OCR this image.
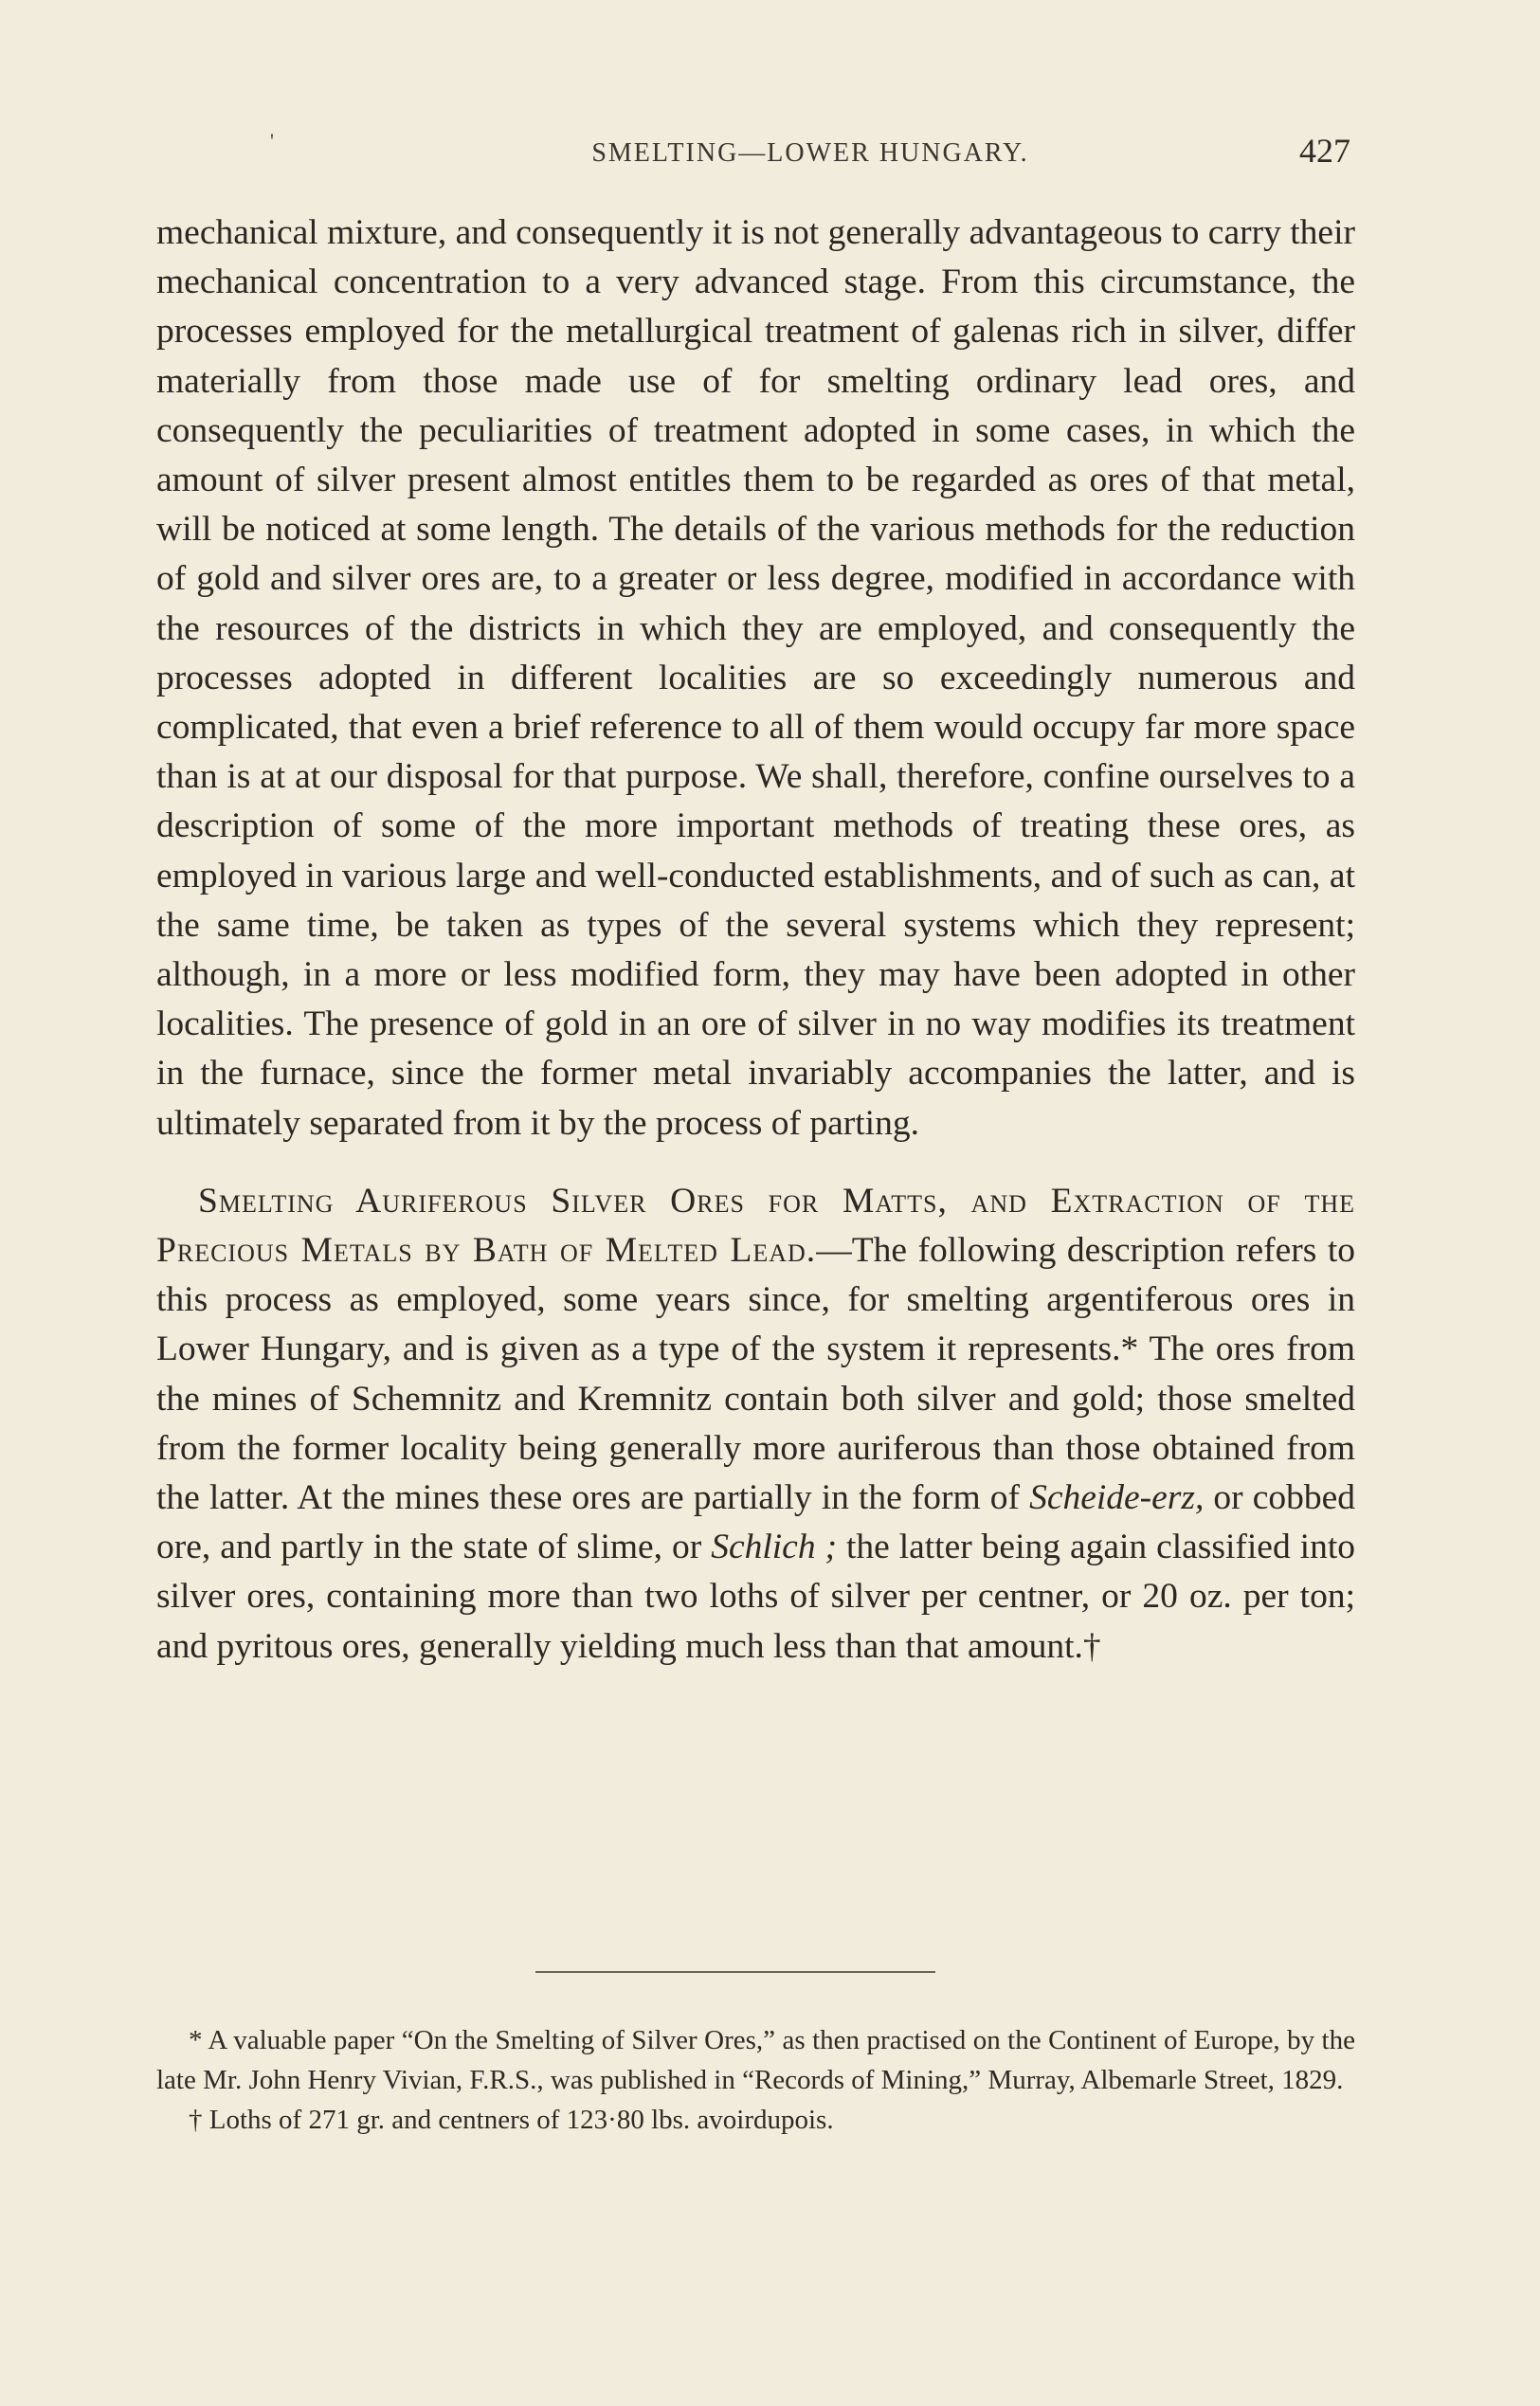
'	SMELTING—LOWER HUNGARY.	427

mechanical mixture, and consequently it is not generally advantageous to carry their mechanical concentration to a very advanced stage. From this circumstance, the processes employed for the metallurgical treatment of galenas rich in silver, differ materially from those made use of for smelting ordinary lead ores, and consequently the peculiarities of treatment adopted in some cases, in which the amount of silver present almost entitles them to be regarded as ores of that metal, will be noticed at some length. The details of the various methods for the reduction of gold and silver ores are, to a greater or less degree, modified in accordance with the resources of the districts in which they are employed, and consequently the processes adopted in different localities are so exceedingly numerous and complicated, that even a brief reference to all of them would occupy far more space than is at at our disposal for that purpose. We shall, therefore, confine ourselves to a description of some of the more important methods of treating these ores, as employed in various large and well-conducted establishments, and of such as can, at the same time, be taken as types of the several systems which they represent; although, in a more or less modified form, they may have been adopted in other localities. The presence of gold in an ore of silver in no way modifies its treatment in the furnace, since the former metal invariably accompanies the latter, and is ultimately separated from it by the process of parting.

Smelting Auriferous Silver Ores for Matts, and Extraction of the Precious Metals by Bath of Melted Lead.—The following description refers to this process as employed, some years since, for smelting argentiferous ores in Lower Hungary, and is given as a type of the system it represents.* The ores from the mines of Schemnitz and Kremnitz contain both silver and gold; those smelted from the former locality being generally more auriferous than those obtained from the latter. At the mines these ores are partially in the form of Scheide-erz, or cobbed ore, and partly in the state of slime, or Schlich ; the latter being again classified into silver ores, containing more than two loths of silver per centner, or 20 oz. per ton; and pyritous ores, generally yielding much less than that amount.†

* A valuable paper “On the Smelting of Silver Ores,” as then practised on the Continent of Europe, by the late Mr. John Henry Vivian, F.R.S., was published in “Records of Mining,” Murray, Albemarle Street, 1829.

† Loths of 271 gr. and centners of 123·80 lbs. avoirdupois.
